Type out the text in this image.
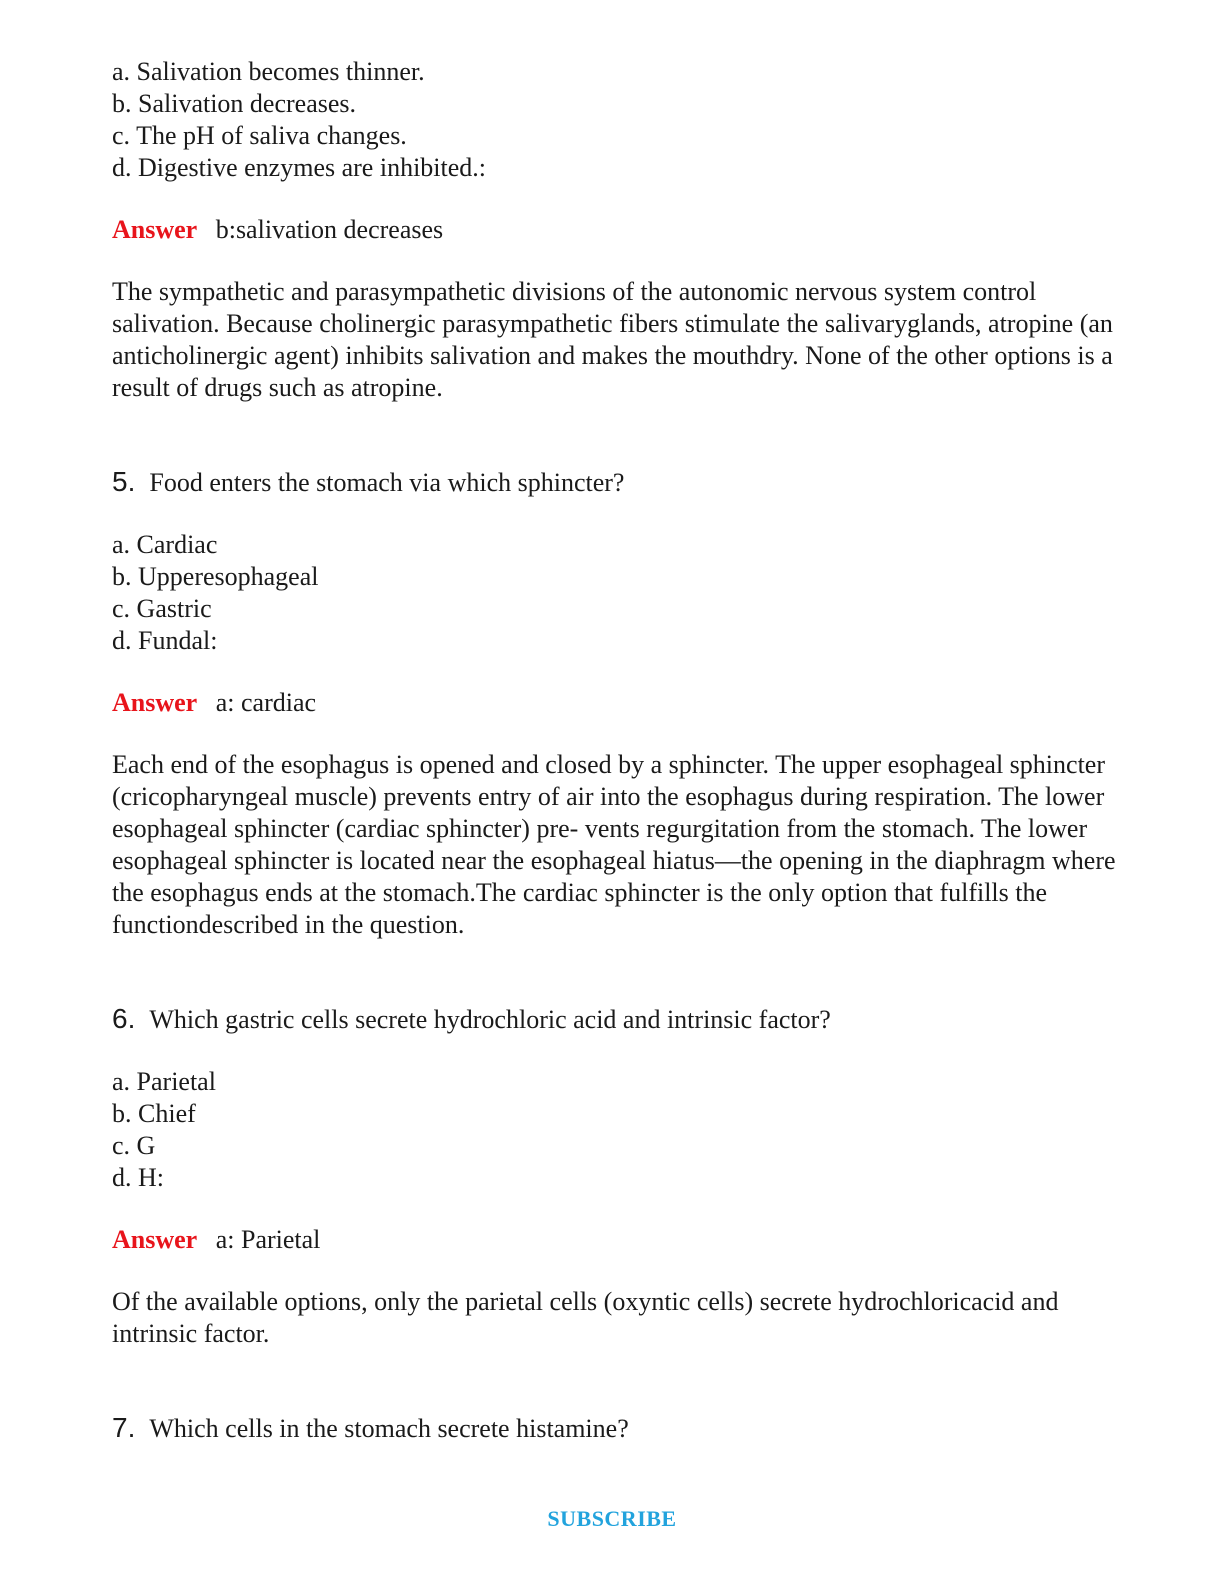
a. Salivation becomes thinner.
b. Salivation decreases.
c. The pH of saliva changes.
d. Digestive enzymes are inhibited.:
Answer b:salivation decreases
The sympathetic and parasympathetic divisions of the autonomic nervous system control salivation. Because cholinergic parasympathetic fibers stimulate the salivaryglands, atropine (an anticholinergic agent) inhibits salivation and makes the mouthdry. None of the other options is a result of drugs such as atropine.
5. Food enters the stomach via which sphincter?
a. Cardiac
b. Upperesophageal
c. Gastric
d. Fundal:
Answer a: cardiac
Each end of the esophagus is opened and closed by a sphincter. The upper esophageal sphincter (cricopharyngeal muscle) prevents entry of air into the esophagus during respiration. The lower esophageal sphincter (cardiac sphincter) pre- vents regurgitation from the stomach. The lower esophageal sphincter is located near the esophageal hiatus—the opening in the diaphragm where the esophagus ends at the stomach.The cardiac sphincter is the only option that fulfills the functiondescribed in the question.
6. Which gastric cells secrete hydrochloric acid and intrinsic factor?
a. Parietal
b. Chief
c. G
d. H:
Answer a: Parietal
Of the available options, only the parietal cells (oxyntic cells) secrete hydrochloricacid and intrinsic factor.
7. Which cells in the stomach secrete histamine?
SUBSCRIBE
